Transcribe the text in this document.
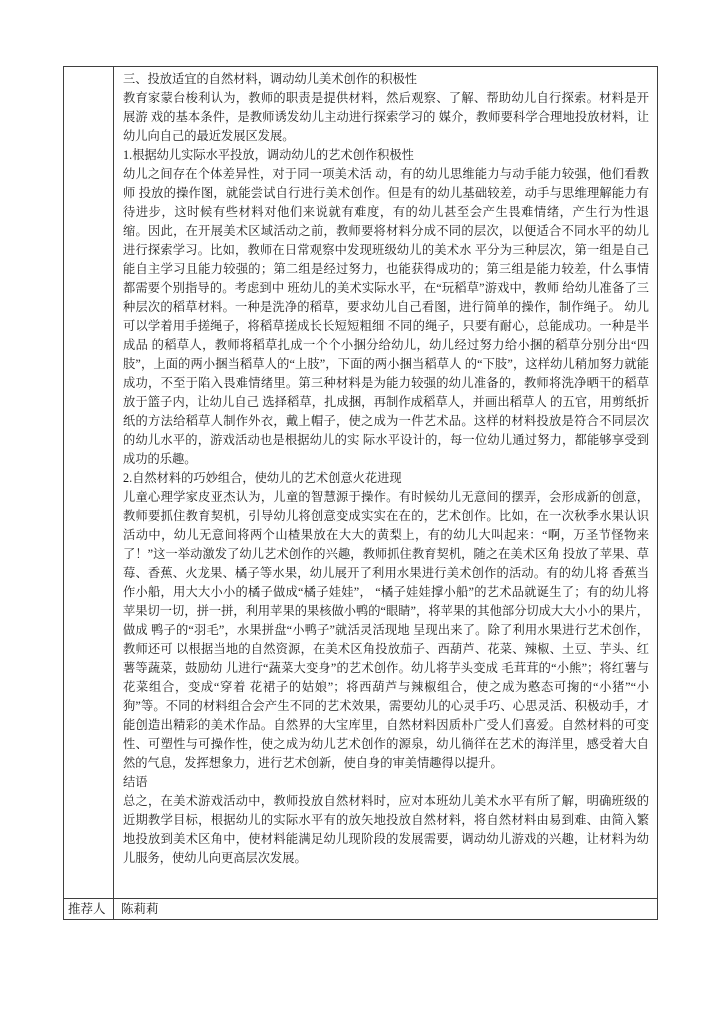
三、投放适宜的自然材料，调动幼儿美术创作的积极性

教育家蒙台梭利认为，教师的职责是提供材料，然后观察、了解、帮助幼儿自行探索。材料是开展游 戏的基本条件，是教师诱发幼儿主动进行探索学习的 媒介，教师要科学合理地投放材料，让幼儿向自己的最近发展区发展。

1.根据幼儿实际水平投放，调动幼儿的艺术创作积极性

幼儿之间存在个体差异性，对于同一项美术活 动，有的幼儿思维能力与动手能力较强，他们看教师 投放的操作图，就能尝试自行进行美术创作。但是有的幼儿基础较差，动手与思维理解能力有待进步，这时候有些材料对他们来说就有难度，有的幼儿甚至会产生畏难情绪，产生行为性退缩。因此，在开展美术区域活动之前，教师要将材料分成不同的层次，以便适合不同水平的幼儿进行探索学习。比如，教师在日常观察中发现班级幼儿的美术水 平分为三种层次，第一组是自己能自主学习且能力较强的；第二组是经过努力，也能获得成功的；第三组是能力较差，什么事情都需要个别指导的。考虑到中 班幼儿的美术实际水平，在“玩稻草”游戏中，教师 给幼儿准备了三种层次的稻草材料。一种是洗净的稻草，要求幼儿自己看图，进行简单的操作，制作绳子。 幼儿可以学着用手搓绳子，将稻草搓成长长短短粗细 不同的绳子，只要有耐心，总能成功。一种是半成品 的稻草人，教师将稻草扎成一个个小捆分给幼儿，幼儿经过努力给小捆的稻草分别分出“四肢”，上面的两小捆当稻草人的“上肢”，下面的两小捆当稻草人 的“下肢”，这样幼儿稍加努力就能成功，不至于陷入畏难情绪里。第三种材料是为能力较强的幼儿准备的，教师将洗净晒干的稻草放于篮子内，让幼儿自己 选择稻草，扎成捆，再制作成稻草人，并画出稻草人 的五官，用剪纸折纸的方法给稻草人制作外衣，戴上帽子，使之成为一件艺术品。这样的材料投放是符合不同层次的幼儿水平的，游戏活动也是根据幼儿的实 际水平设计的，每一位幼儿通过努力，都能够享受到成功的乐趣。

2.自然材料的巧妙组合，使幼儿的艺术创意火花进现

儿童心理学家皮亚杰认为，儿童的智慧源于操作。有时候幼儿无意间的摆弄，会形成新的创意，教师要抓住教育契机，引导幼儿将创意变成实实在在的，艺术创作。比如，在一次秋季水果认识活动中，幼儿无意间将两个山楂果放在大大的黄梨上，有的幼儿大叫起来：“啊，万圣节怪物来了！”这一举动激发了幼儿艺术创作的兴趣，教师抓住教育契机，随之在美术区角 投放了苹果、草莓、香蕉、火龙果、橘子等水果，幼儿展开了利用水果进行美术创作的活动。有的幼儿将 香蕉当作小船，用大大小小的橘子做成“橘子娃娃”， “橘子娃娃撑小船”的艺术品就诞生了；有的幼儿将 苹果切一切，拼一拼，利用苹果的果核做小鸭的“眼睛”，将苹果的其他部分切成大大小小的果片，做成 鸭子的“羽毛”，水果拼盘“小鸭子”就活灵活现地 呈现出来了。除了利用水果进行艺术创作，教师还可 以根据当地的自然资源，在美术区角投放茄子、西葫芦、花菜、辣椒、土豆、芋头、红薯等蔬菜，鼓励幼 儿进行“蔬菜大变身”的艺术创作。幼儿将芋头变成 毛茸茸的“小熊”；将红薯与花菜组合，变成“穿着 花裙子的姑娘”；将西葫芦与辣椒组合，使之成为憨态可掬的“小猪”“小狗”等。不同的材料组合会产生不同的艺术效果，需要幼儿的心灵手巧、心思灵活、积极动手，才能创造出精彩的美术作品。自然界的大宝库里，自然材料因质朴广受人们喜爱。自然材料的可变性、可塑性与可操作性，使之成为幼儿艺术创作的源泉，幼儿徜徉在艺术的海洋里，感受着大自然的气息，发挥想象力，进行艺术创新，使自身的审美情趣得以提升。

结语

总之，在美术游戏活动中，教师投放自然材料时，应对本班幼儿美术水平有所了解，明确班级的近期教学目标，根据幼儿的实际水平有的放矢地投放自然材料，将自然材料由易到难、由简入繁地投放到美术区角中，使材料能满足幼儿现阶段的发展需要，调动幼儿游戏的兴趣，让材料为幼儿服务，使幼儿向更高层次发展。

推荐人	陈莉莉
